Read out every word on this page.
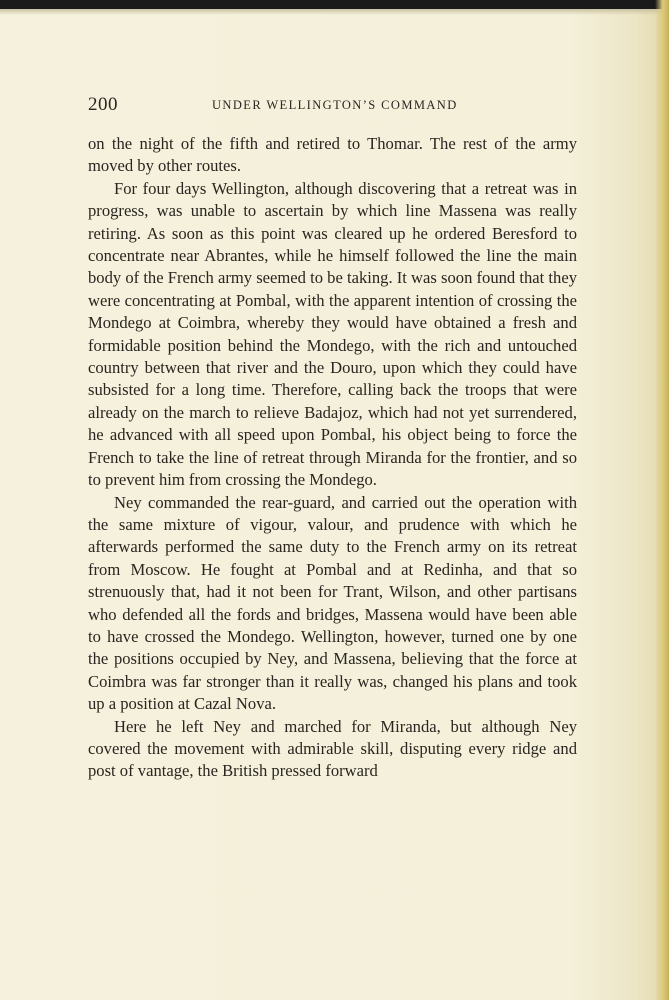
200	UNDER WELLINGTON’S COMMAND

on the night of the fifth and retired to Thomar. The rest of the army moved by other routes.

For four days Wellington, although discovering that a retreat was in progress, was unable to ascertain by which line Massena was really retiring. As soon as this point was cleared up he ordered Beresford to concentrate near Abrantes, while he himself followed the line the main body of the French army seemed to be taking. It was soon found that they were concentrating at Pombal, with the apparent intention of crossing the Mondego at Coimbra, whereby they would have obtained a fresh and formidable position behind the Mondego, with the rich and untouched country between that river and the Douro, upon which they could have subsisted for a long time. Therefore, calling back the troops that were already on the march to relieve Badajoz, which had not yet surrendered, he advanced with all speed upon Pombal, his object being to force the French to take the line of retreat through Miranda for the frontier, and so to prevent him from crossing the Mondego.

Ney commanded the rear-guard, and carried out the operation with the same mixture of vigour, valour, and prudence with which he afterwards performed the same duty to the French army on its retreat from Moscow. He fought at Pombal and at Redinha, and that so strenuously that, had it not been for Trant, Wilson, and other partisans who defended all the fords and bridges, Massena would have been able to have crossed the Mondego. Wellington, however, turned one by one the positions occupied by Ney, and Massena, believing that the force at Coimbra was far stronger than it really was, changed his plans and took up a position at Cazal Nova.

Here he left Ney and marched for Miranda, but although Ney covered the movement with admirable skill, disputing every ridge and post of vantage, the British pressed forward
